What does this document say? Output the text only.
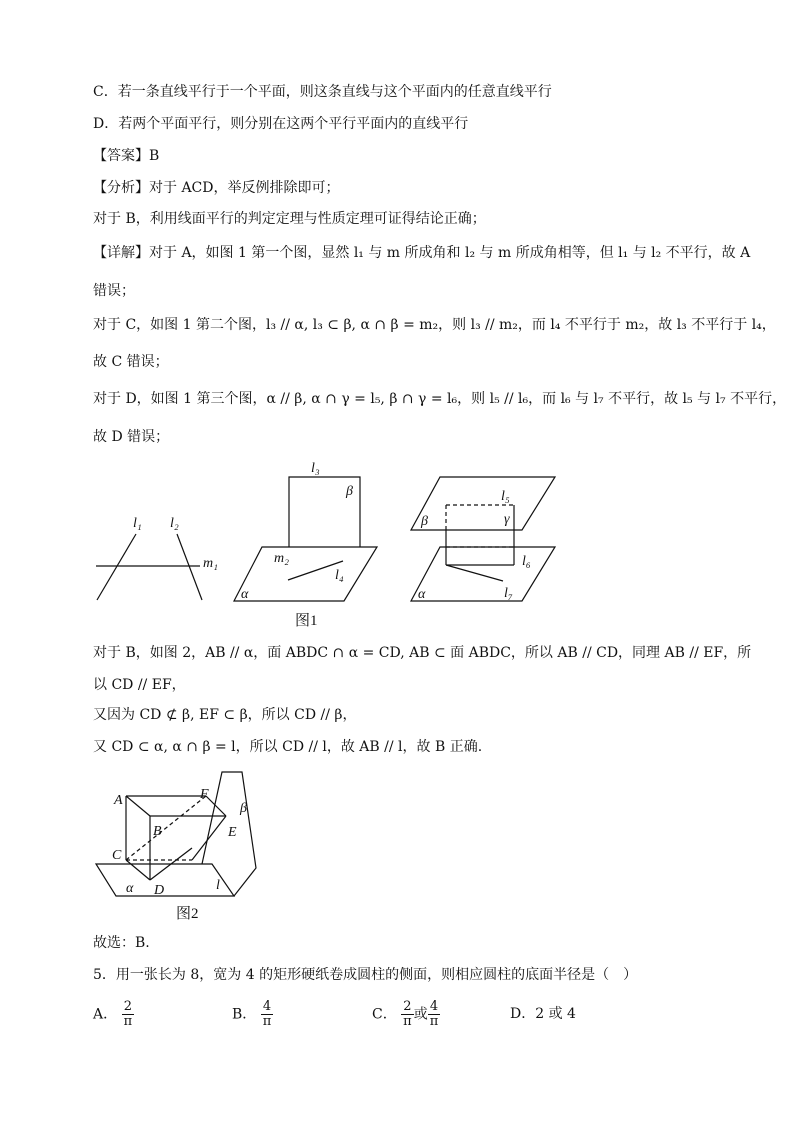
C．若一条直线平行于一个平面，则这条直线与这个平面内的任意直线平行
D．若两个平面平行，则分别在这两个平行平面内的直线平行
【答案】B
【分析】对于 ACD，举反例排除即可；
对于 B，利用线面平行的判定定理与性质定理可证得结论正确；
【详解】对于 A，如图 1 第一个图，显然 l₁ 与 m 所成角和 l₂ 与 m 所成角相等，但 l₁ 与 l₂ 不平行，故 A
错误；
对于 C，如图 1 第二个图，l₃ // α, l₃ ⊂ β, α ∩ β = m₂，则 l₃ // m₂，而 l₄ 不平行于 m₂，故 l₃ 不平行于 l₄，
故 C 错误；
对于 D，如图 1 第三个图，α // β, α ∩ γ = l₅, β ∩ γ = l₆，则 l₅ // l₆，而 l₆ 与 l₇ 不平行，故 l₅ 与 l₇ 不平行，
故 D 错误；
l₁ l₂
m₁
l₃
β
m₂
l₄
α
l₅
γ
β
l₆
α	l₇
图1
对于 B，如图 2，AB // α，面 ABDC ∩ α = CD, AB ⊂ 面 ABDC，所以 AB // CD，同理 AB // EF，所
以 CD // EF，
又因为 CD ⊄ β, EF ⊂ β，所以 CD // β，
又 CD ⊂ α, α ∩ β = l，所以 CD // l，故 AB // l，故 B 正确.
A
B
C
D
E
F
α
β
l
图2
故选：B.
5．用一张长为 8，宽为 4 的矩形硬纸卷成圆柱的侧面，则相应圆柱的底面半径是（　）
A． $\frac{2}{\pi}$	B． $\frac{4}{\pi}$	C． $\frac{2}{\pi}$ 或 $\frac{4}{\pi}$	D．2 或 4
